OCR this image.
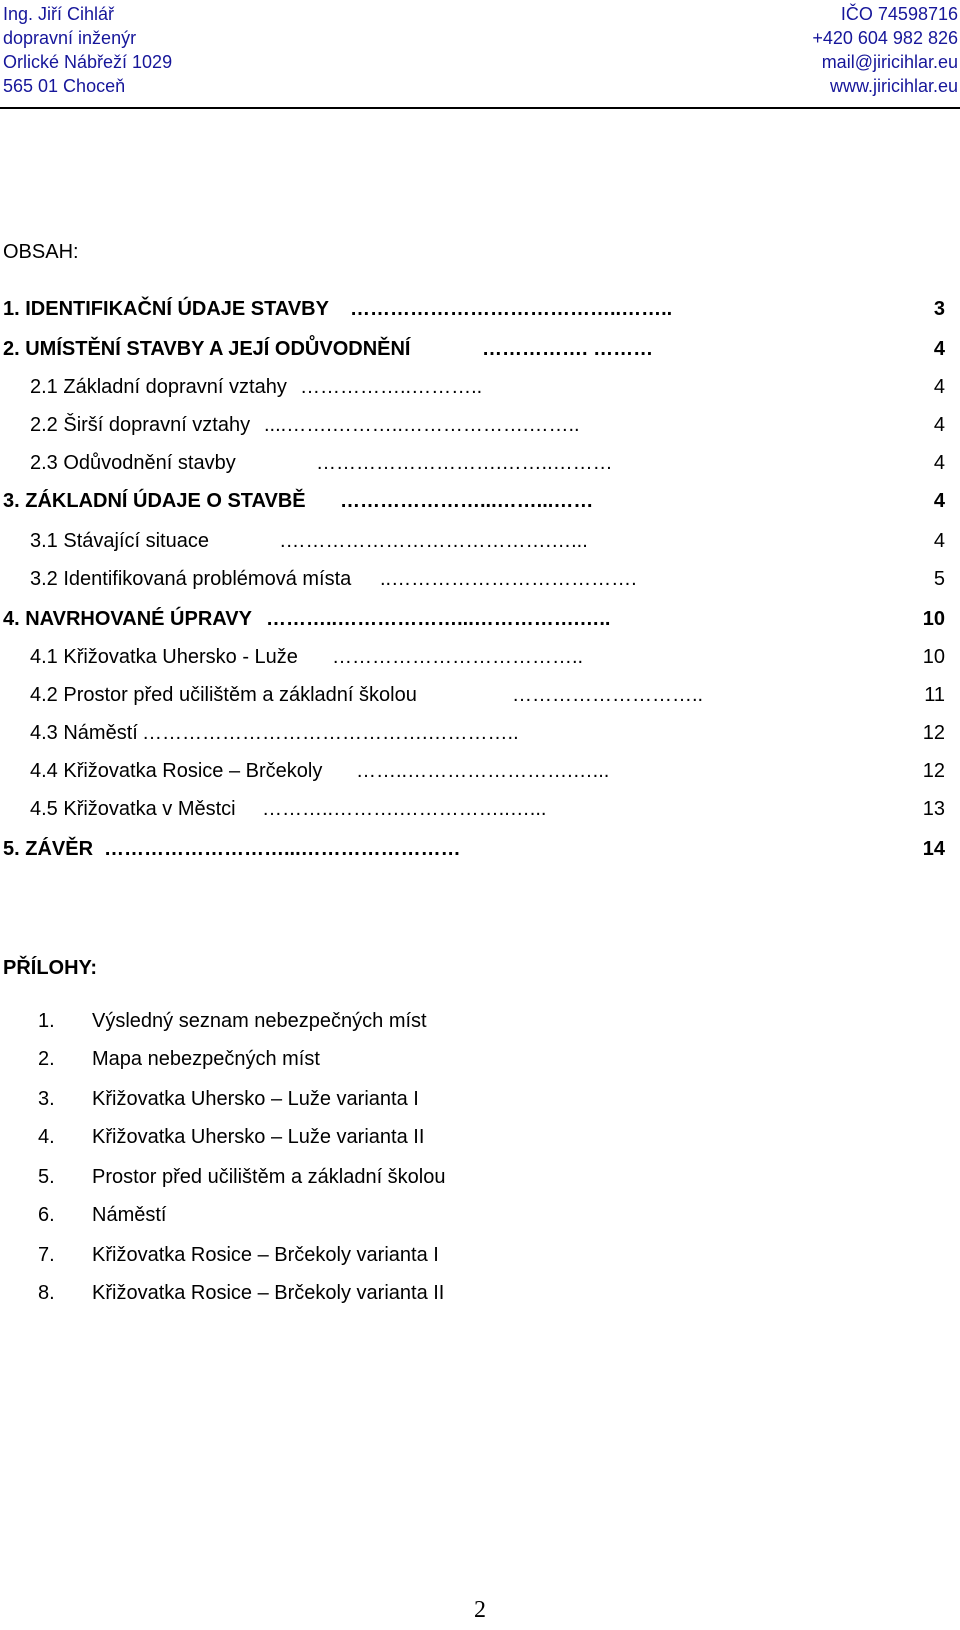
Ing. Jiří Cihlář
dopravní inženýr
Orlické Nábřeží 1029
565 01 Choceň
IČO 74598716
+420 604 982 826
mail@jiricihlar.eu
www.jiricihlar.eu
OBSAH:
1. IDENTIFIKAČNÍ ÚDAJE STAVBY …………………………………..……..	3
2. UMÍSTĚNÍ STAVBY A JEJÍ ODŮVODNĚNÍ	……………. ………	4
2.1 Základní dopravní vztahy ……………..………..	4
2.2 Širší dopravní vztahy ....…….………..……………….……..	4
2.3 Odůvodnění stavby	……………………….……..………	4
3. ZÁKLADNÍ ÚDAJE O STAVBĚ …………………...……...……	4
3.1 Stávající situace	.………………………………….…...	4
3.2 Identifikovaná problémová místa ..……………………………….	5
4. NAVRHOVANÉ ÚPRAVY ………..………………...…………….…..	10
4.1 Křižovatka Uhersko - Luže ………………………………..	10
4.2 Prostor před učilištěm a základní školou	………………………..	11
4.3 Náměstí …………………………………….…………..	12
4.4 Křižovatka Rosice – Brčekoly ……..…………………….…...	12
4.5 Křižovatka v Městci ………..……….……………..…...	13
5. ZÁVĚR ………………………...……………………	14
PŘÍLOHY:
1. Výsledný seznam nebezpečných míst
2. Mapa nebezpečných míst
3. Křižovatka Uhersko – Luže varianta I
4. Křižovatka Uhersko – Luže varianta II
5. Prostor před učilištěm a základní školou
6. Náměstí
7. Křižovatka Rosice – Brčekoly varianta I
8. Křižovatka Rosice – Brčekoly varianta II
2
